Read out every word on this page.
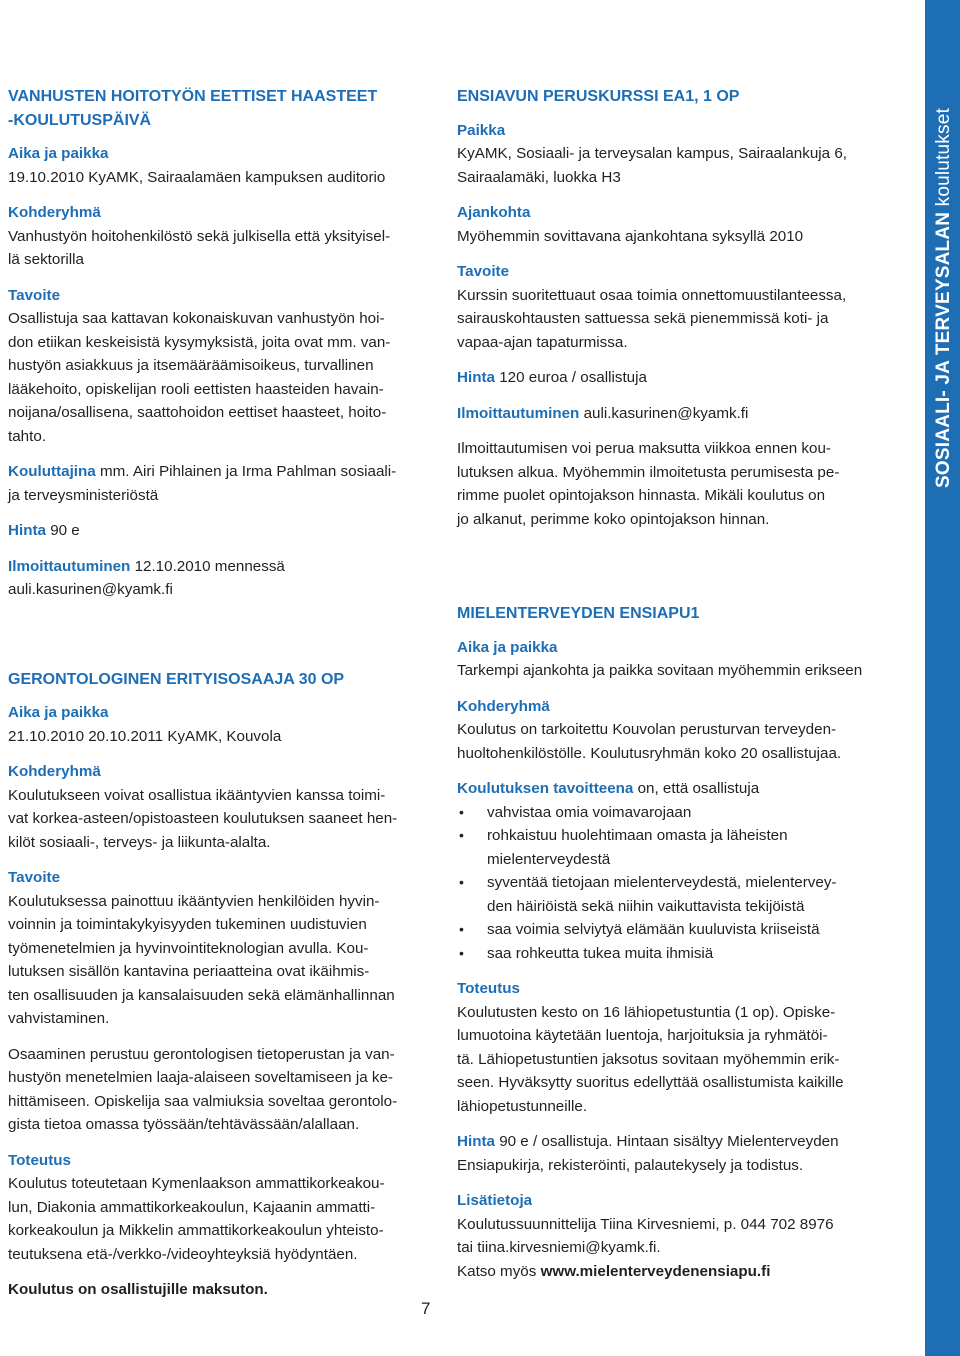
SOSIAALI- JA TERVEYSALAN koulutukset
VANHUSTEN HOITOTYÖN EETTISET HAASTEET
-KOULUTUSPÄIVÄ
Aika ja paikka
19.10.2010 KyAMK, Sairaalamäen kampuksen auditorio
Kohderyhmä
Vanhustyön hoitohenkilöstö sekä julkisella että yksityisel-
lä sektorilla
Tavoite
Osallistuja saa kattavan kokonaiskuvan vanhustyön hoi-
don etiikan keskeisistä kysymyksistä, joita ovat mm. van-
hustyön asiakkuus ja itsemääräämisoikeus, turvallinen
lääkehoito, opiskelijan rooli eettisten haasteiden havain-
noijana/osallisena, saattohoidon eettiset haasteet, hoito-
tahto.
Kouluttajina mm. Airi Pihlainen ja Irma Pahlman sosiaali-
ja terveysministeriöstä
Hinta 90 e
Ilmoittautuminen 12.10.2010 mennessä
auli.kasurinen@kyamk.fi
GERONTOLOGINEN ERITYISOSAAJA 30 OP
Aika ja paikka
21.10.2010 20.10.2011 KyAMK, Kouvola
Kohderyhmä
Koulutukseen voivat osallistua ikääntyvien kanssa toimi-
vat korkea-asteen/opistoasteen koulutuksen saaneet hen-
kilöt sosiaali-, terveys- ja liikunta-alalta.
Tavoite
Koulutuksessa painottuu ikääntyvien henkilöiden hyvin-
voinnin ja toimintakykyisyyden tukeminen uudistuvien
työmenetelmien ja hyvinvointiteknologian avulla. Kou-
lutuksen sisällön kantavina periaatteina ovat ikäihmis-
ten osallisuuden ja kansalaisuuden sekä elämänhallinnan
vahvistaminen.
Osaaminen perustuu gerontologisen tietoperustan ja van-
hustyön menetelmien laaja-alaiseen soveltamiseen ja ke-
hittämiseen. Opiskelija saa valmiuksia soveltaa gerontolo-
gista tietoa omassa työssään/tehtävässään/alallaan.
Toteutus
Koulutus toteutetaan Kymenlaakson ammattikorkeakou-
lun, Diakonia ammattikorkeakoulun, Kajaanin ammatti-
korkeakoulun ja Mikkelin ammattikorkeakoulun yhteisto-
teutuksena etä-/verkko-/videoyhteyksiä hyödyntäen.
Koulutus on osallistujille maksuton.
ENSIAVUN PERUSKURSSI EA1, 1 OP
Paikka
KyAMK, Sosiaali- ja terveysalan kampus, Sairaalankuja 6,
Sairaalamäki, luokka H3
Ajankohta
Myöhemmin sovittavana ajankohtana syksyllä 2010
Tavoite
Kurssin suoritettuaut osaa toimia onnettomuustilanteessa,
sairauskohtausten sattuessa sekä pienemmissä koti- ja
vapaa-ajan tapaturmissa.
Hinta 120 euroa / osallistuja
Ilmoittautuminen auli.kasurinen@kyamk.fi
Ilmoittautumisen voi perua maksutta viikkoa ennen kou-
lutuksen alkua. Myöhemmin ilmoitetusta perumisesta pe-
rimme puolet opintojakson hinnasta. Mikäli koulutus on
jo alkanut, perimme koko opintojakson hinnan.
MIELENTERVEYDEN ENSIAPU1
Aika ja paikka
Tarkempi ajankohta ja paikka sovitaan myöhemmin erikseen
Kohderyhmä
Koulutus on tarkoitettu Kouvolan perusturvan terveyden-
huoltohenkilöstölle. Koulutusryhmän koko 20 osallistujaa.
Koulutuksen tavoitteena on, että osallistuja
• vahvistaa omia voimavarojaan
• rohkaistuu huolehtimaan omasta ja läheisten
mielenterveydestä
• syventää tietojaan mielenterveydestä, mielentervey-
den häiriöistä sekä niihin vaikuttavista tekijöistä
• saa voimia selviytyä elämään kuuluvista kriiseistä
• saa rohkeutta tukea muita ihmisiä
Toteutus
Koulutusten kesto on 16 lähiopetustuntia (1 op). Opiske-
lumuotoina käytetään luentoja, harjoituksia ja ryhmätöi-
tä. Lähiopetustuntien jaksotus sovitaan myöhemmin erik-
seen. Hyväksytty suoritus edellyttää osallistumista kaikille
lähiopetustunneille.
Hinta 90 e / osallistuja. Hintaan sisältyy Mielenterveyden
Ensiapukirja, rekisteröinti, palautekysely ja todistus.
Lisätietoja
Koulutussuunnittelija Tiina Kirvesniemi, p. 044 702 8976
tai tiina.kirvesniemi@kyamk.fi.
Katso myös www.mielenterveydenensiapu.fi
7
